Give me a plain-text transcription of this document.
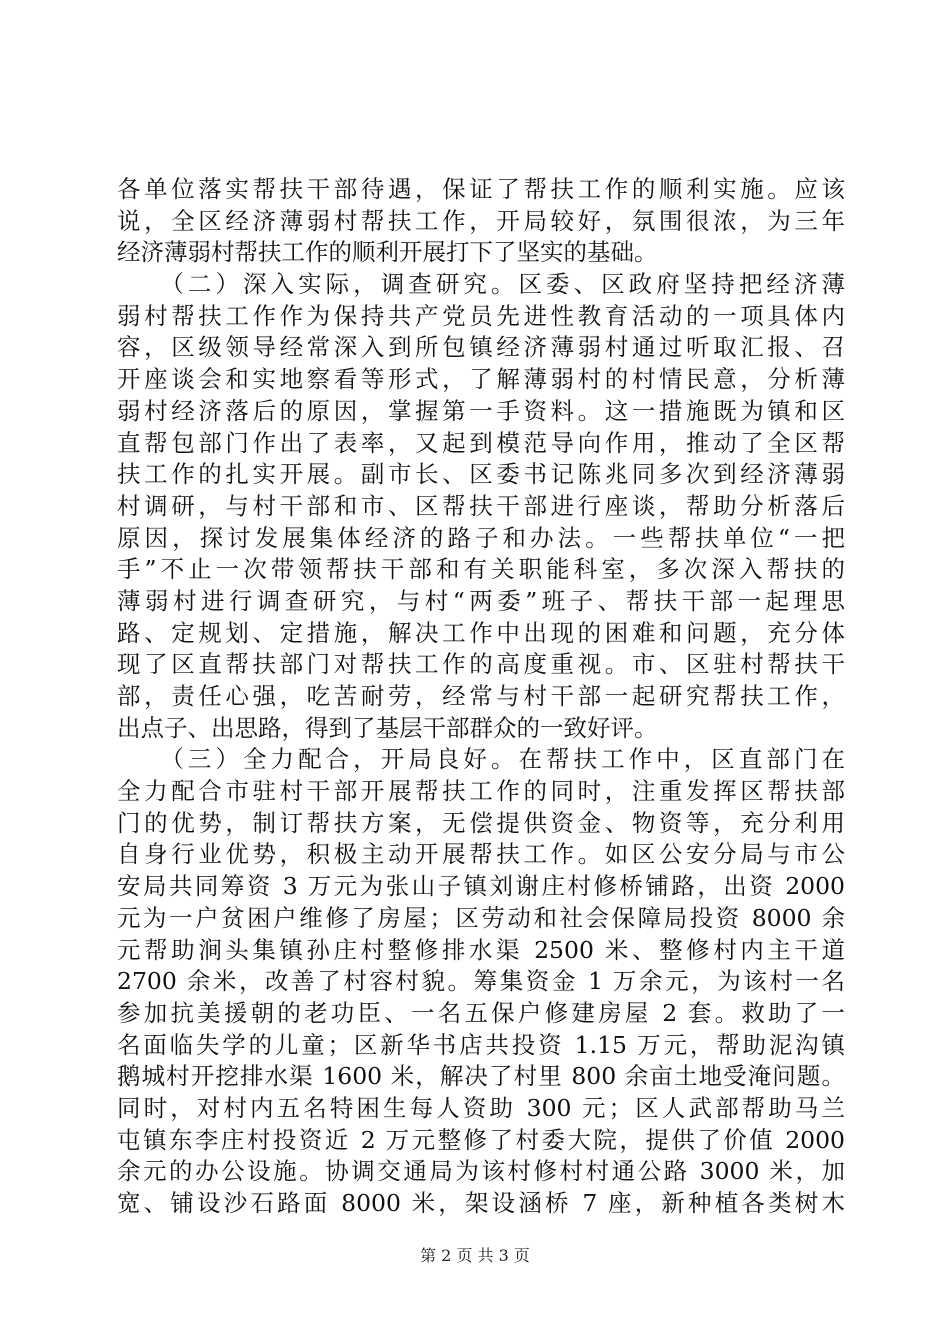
各单位落实帮扶干部待遇，保证了帮扶工作的顺利实施。应该
说，全区经济薄弱村帮扶工作，开局较好，氛围很浓，为三年
经济薄弱村帮扶工作的顺利开展打下了坚实的基础。
　　（二）深入实际，调查研究。区委、区政府坚持把经济薄
弱村帮扶工作作为保持共产党员先进性教育活动的一项具体内
容，区级领导经常深入到所包镇经济薄弱村通过听取汇报、召
开座谈会和实地察看等形式，了解薄弱村的村情民意，分析薄
弱村经济落后的原因，掌握第一手资料。这一措施既为镇和区
直帮包部门作出了表率，又起到模范导向作用，推动了全区帮
扶工作的扎实开展。副市长、区委书记陈兆同多次到经济薄弱
村调研，与村干部和市、区帮扶干部进行座谈，帮助分析落后
原因，探讨发展集体经济的路子和办法。一些帮扶单位“一把
手”不止一次带领帮扶干部和有关职能科室，多次深入帮扶的
薄弱村进行调查研究，与村“两委”班子、帮扶干部一起理思
路、定规划、定措施，解决工作中出现的困难和问题，充分体
现了区直帮扶部门对帮扶工作的高度重视。市、区驻村帮扶干
部，责任心强，吃苦耐劳，经常与村干部一起研究帮扶工作，
出点子、出思路，得到了基层干部群众的一致好评。
　　（三）全力配合，开局良好。在帮扶工作中，区直部门在
全力配合市驻村干部开展帮扶工作的同时，注重发挥区帮扶部
门的优势，制订帮扶方案，无偿提供资金、物资等，充分利用
自身行业优势，积极主动开展帮扶工作。如区公安分局与市公
安局共同筹资 3 万元为张山子镇刘谢庄村修桥铺路，出资 2000
元为一户贫困户维修了房屋；区劳动和社会保障局投资 8000 余
元帮助涧头集镇孙庄村整修排水渠 2500 米、整修村内主干道
2700 余米，改善了村容村貌。筹集资金 1 万余元，为该村一名
参加抗美援朝的老功臣、一名五保户修建房屋 2 套。救助了一
名面临失学的儿童；区新华书店共投资 1.15 万元，帮助泥沟镇
鹅城村开挖排水渠 1600 米，解决了村里 800 余亩土地受淹问题。
同时，对村内五名特困生每人资助 300 元；区人武部帮助马兰
屯镇东李庄村投资近 2 万元整修了村委大院，提供了价值 2000
余元的办公设施。协调交通局为该村修村村通公路 3000 米，加
宽、铺设沙石路面 8000 米，架设涵桥 7 座，新种植各类树木
第 2 页 共 3 页
